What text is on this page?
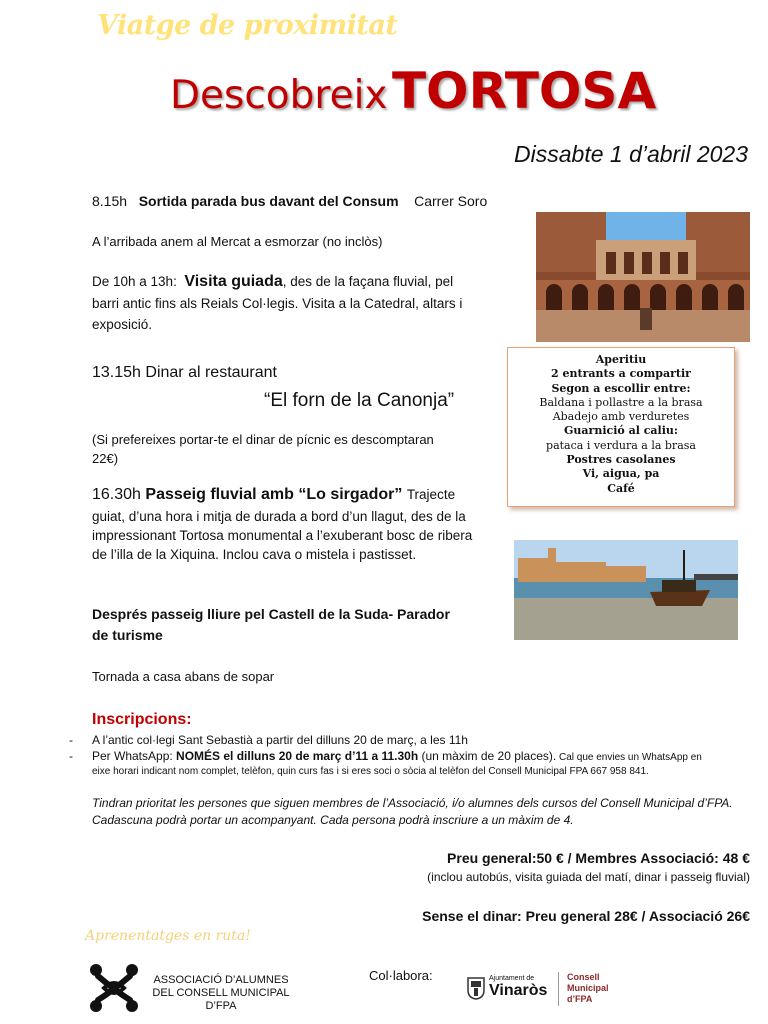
Viatge de proximitat
Descobreix TORTOSA
Dissabte 1 d’abril 2023
8.15h Sortida parada bus davant del Consum Carrer Soro
A l’arribada anem al Mercat a esmorzar (no inclòs)
De 10h a 13h: Visita guiada, des de la façana fluvial, pel
barri antic fins als Reials Col·legis. Visita a la Catedral, altars i
exposició.
Aperitiu
2 entrants a compartir
Segon a escollir entre:
Baldana i pollastre a la brasa
Abadejo amb verduretes
Guarnició al caliu:
pataca i verdura a la brasa
Postres casolanes
Vi, aigua, pa
Café
13.15h Dinar al restaurant
“El forn de la Canonja”
(Si prefereixes portar-te el dinar de pícnic es descomptaran
22€)
16.30h Passeig fluvial amb “Lo sirgador” Trajecte
guiat, d’una hora i mitja de durada a bord d’un llagut, des de la
impressionant Tortosa monumental a l’exuberant bosc de ribera
de l’illa de la Xiquina. Inclou cava o mistela i pastisset.
Després passeig lliure pel Castell de la Suda- Parador
de turisme
Tornada a casa abans de sopar
Inscripcions:
- A l’antic col·legi Sant Sebastià a partir del dilluns 20 de març, a les 11h
- Per WhatsApp: NOMÉS el dilluns 20 de març d’11 a 11.30h (un màxim de 20 places). Cal que envies un WhatsApp en
eixe horari indicant nom complet, telèfon, quin curs fas i si eres soci o sòcia al telèfon del Consell Municipal FPA 667 958 841.
Tindran prioritat les persones que siguen membres de l’Associació, i/o alumnes dels cursos del Consell Municipal d’FPA. Cadascuna podrà portar un acompanyant. Cada persona podrà inscriure a un màxim de 4.
Preu general:50 € / Membres Associació: 48 €
(inclou autobús, visita guiada del matí, dinar i passeig fluvial)
Sense el dinar: Preu general 28€ / Associació 26€
Aprenentatges en ruta!
ASSOCIACIÓ D’ALUMNES
DEL CONSELL MUNICIPAL
D’FPA
Col·labora:	Ajuntament de
Vinaròs
Consell
Municipal
d’FPA
